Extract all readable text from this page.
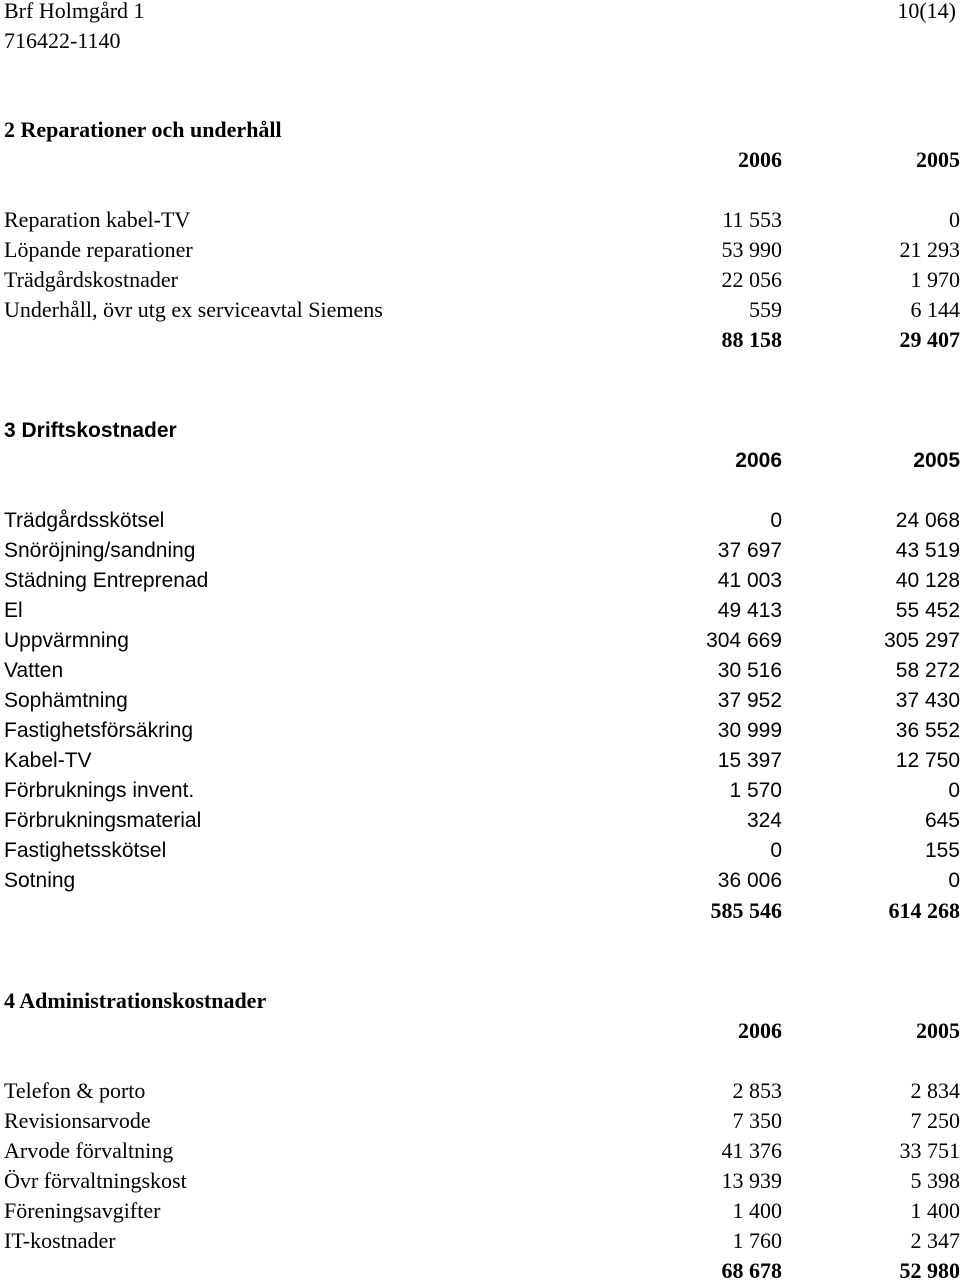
Brf Holmgård 1	10(14)
716422-1140
2 Reparationer och underhåll
2006	2005
Reparation kabel-TV	11 553	0
Löpande reparationer	53 990	21 293
Trädgårdskostnader	22 056	1 970
Underhåll, övr utg ex serviceavtal Siemens	559	6 144
88 158	29 407
3 Driftskostnader
2006	2005
Trädgårdsskötsel	0	24 068
Snöröjning/sandning	37 697	43 519
Städning Entreprenad	41 003	40 128
El	49 413	55 452
Uppvärmning	304 669	305 297
Vatten	30 516	58 272
Sophämtning	37 952	37 430
Fastighetsförsäkring	30 999	36 552
Kabel-TV	15 397	12 750
Förbruknings invent.	1 570	0
Förbrukningsmaterial	324	645
Fastighetsskötsel	0	155
Sotning	36 006	0
585 546	614 268
4 Administrationskostnader
2006	2005
Telefon & porto	2 853	2 834
Revisionsarvode	7 350	7 250
Arvode förvaltning	41 376	33 751
Övr förvaltningskost	13 939	5 398
Föreningsavgifter	1 400	1 400
IT-kostnader	1 760	2 347
68 678	52 980
